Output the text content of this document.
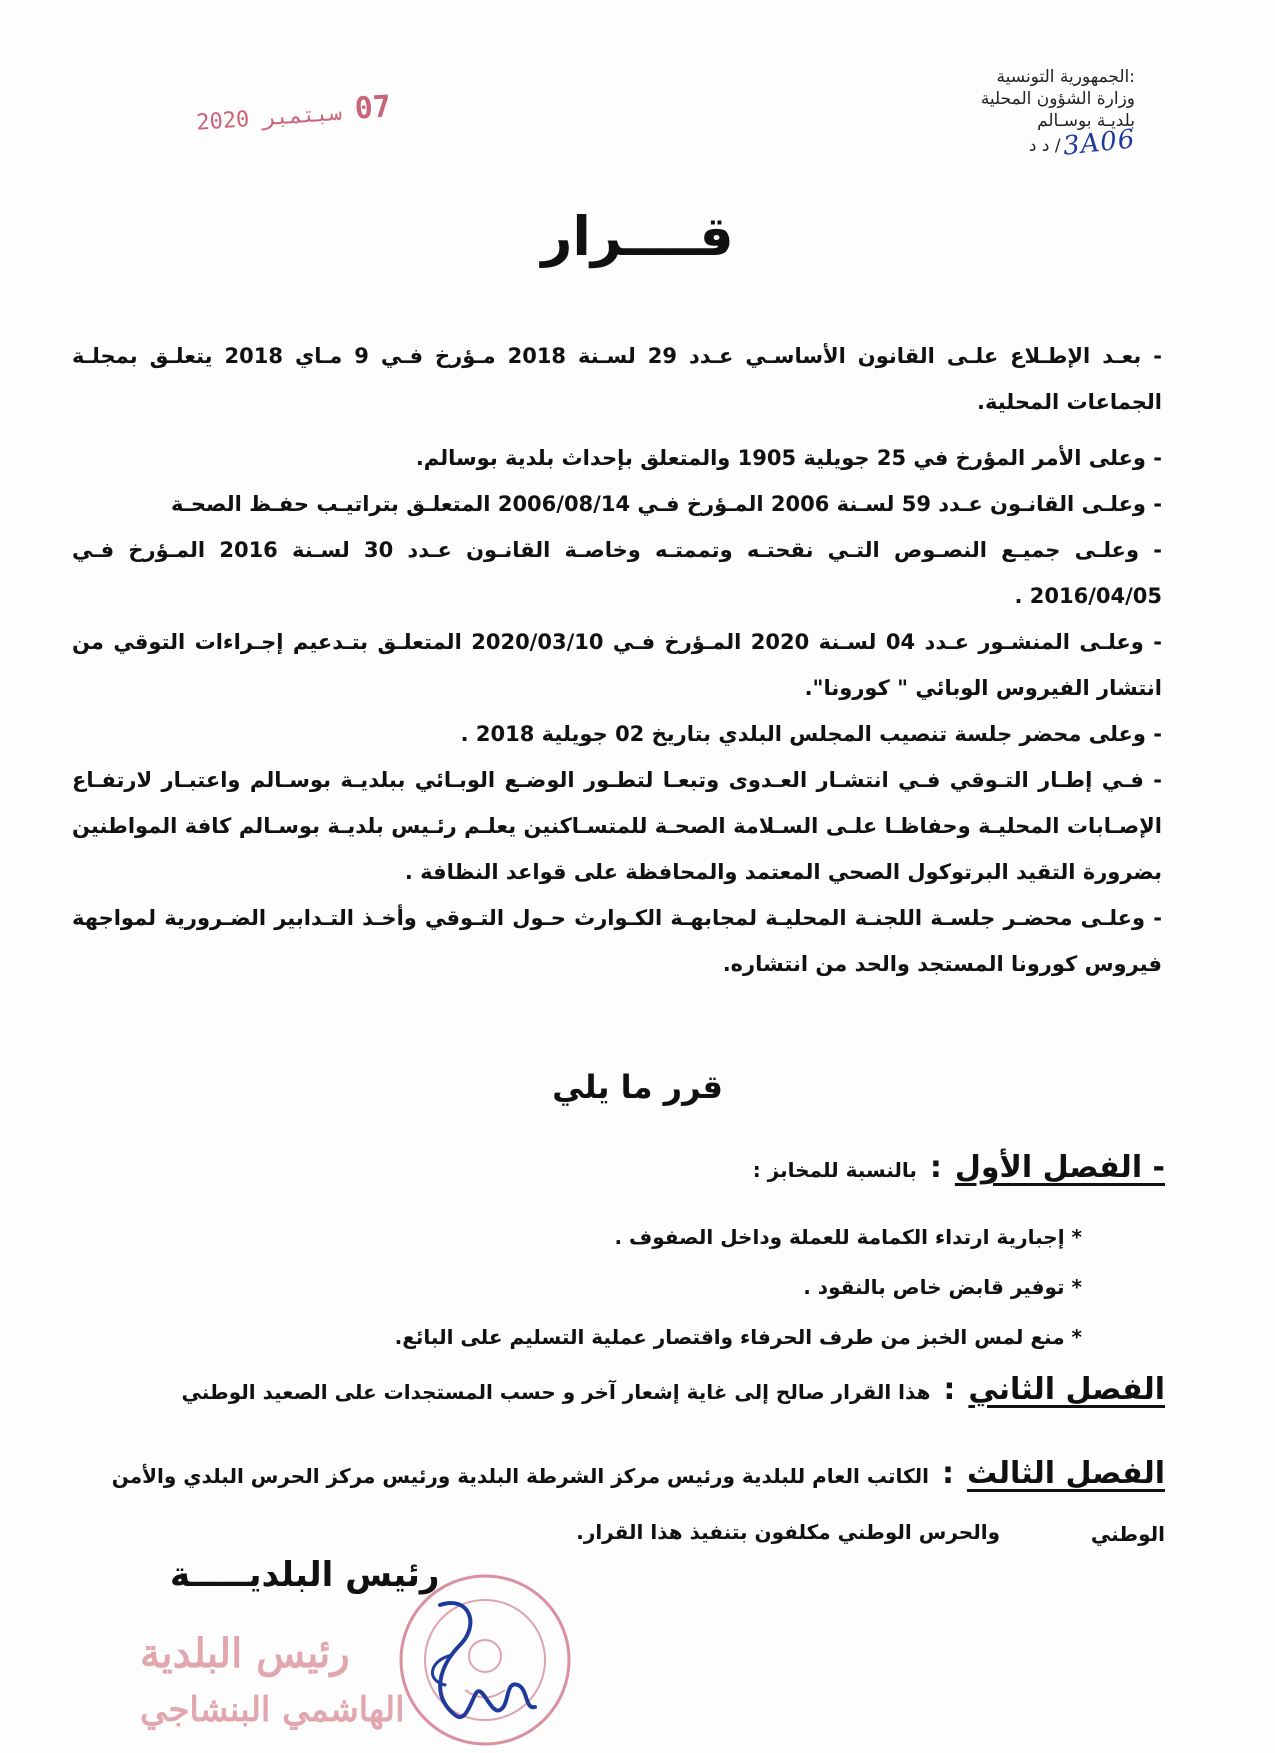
07 سبتمبر 2020
:الجمهورية التونسية
وزارة الشؤون المحلية
بلديـة بوسـالم
3A06
/ د د
قــــرار

- بعـد الإطـلاع علـى القانون الأساسـي عـدد 29 لسـنة 2018 مـؤرخ فـي 9 مـاي 2018 يتعلـق بمجلـة الجماعات المحلية.

- وعلى الأمر المؤرخ في 25 جويلية 1905 والمتعلق بإحداث بلدية بوسالم.

- وعلـى القانـون عـدد 59 لسـنة 2006 المـؤرخ فـي 2006/08/14 المتعلـق بتراتيـب حفـظ الصحـة

- وعلـى جميـع النصـوص التـي نقحتـه وتممتـه وخاصـة القانـون عـدد 30 لسـنة 2016 المـؤرخ فـي 2016/04/05 .

- وعلـى المنشـور عـدد 04 لسـنة 2020 المـؤرخ فـي 2020/03/10 المتعلـق بتـدعيم إجـراءات التوقي من انتشار الفيروس الوبائي " كورونا".

- وعلى محضر جلسة تنصيب المجلس البلدي بتاريخ 02 جويلية 2018 .

- فـي إطـار التـوقي فـي انتشـار العـدوى وتبعـا لتطـور الوضـع الوبـائي ببلديـة بوسـالم واعتبـار لارتفـاع الإصـابات المحليـة وحفاظـا علـى السـلامة الصحـة للمتسـاكنين يعلـم رئـيس بلديـة بوسـالم كافة المواطنين بضرورة التقيد البرتوكول الصحي المعتمد والمحافظة على قواعد النظافة .

- وعلـى محضـر جلسـة اللجنـة المحليـة لمجابهـة الكـوارث حـول التـوقي وأخـذ التـدابير الضـرورية لمواجهة فيروس كورونا المستجد والحد من انتشاره.

قرر ما يلي
- الفصل الأول : بالنسبة للمخابز :
* إجبارية ارتداء الكمامة للعملة وداخل الصفوف .
* توفير قابض خاص بالنقود .
* منع لمس الخبز من طرف الحرفاء واقتصار عملية التسليم على البائع.
الفصل الثاني : هذا القرار صالح إلى غاية إشعار آخر و حسب المستجدات على الصعيد الوطني
الفصل الثالث : الكاتب العام للبلدية ورئيس مركز الشرطة البلدية ورئيس مركز الحرس البلدي والأمن الوطني
والحرس الوطني مكلفون بتنفيذ هذا القرار.
رئيس البلدية
الهاشمي البنشاجي
رئيس البلديـــــة
